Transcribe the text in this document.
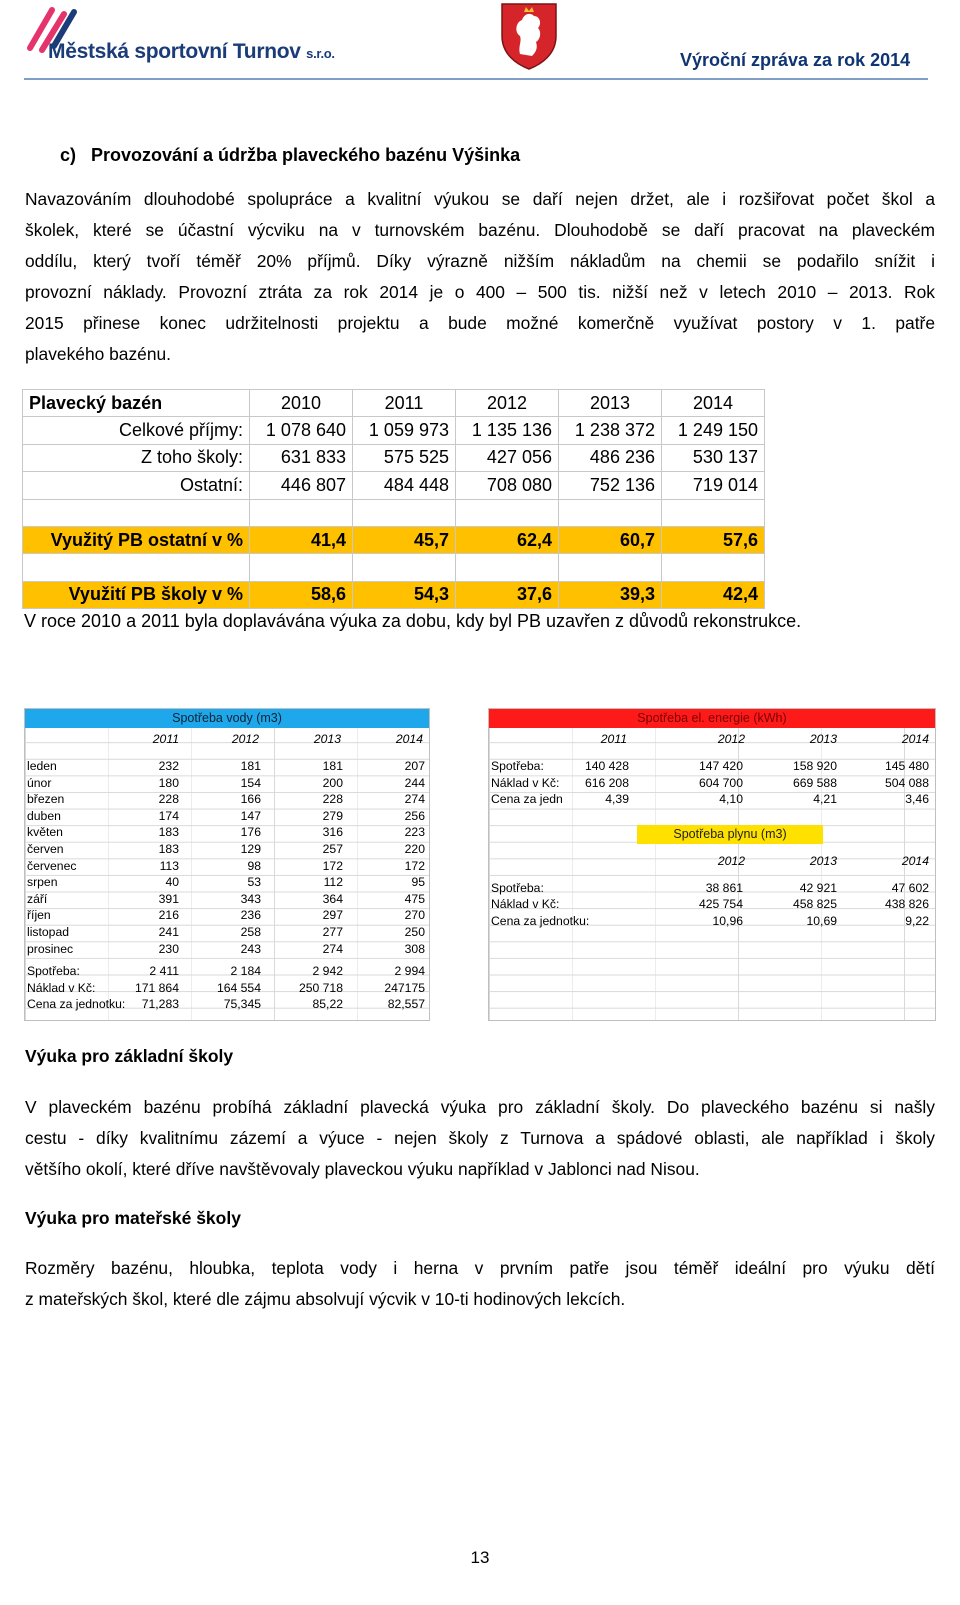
Městská sportovní Turnov s.r.o.	Výroční zpráva za rok 2014
c)   Provozování a údržba plaveckého bazénu Výšinka
Navazováním dlouhodobé spolupráce a kvalitní výukou se daří nejen držet, ale i rozšiřovat počet škol a
školek, které se účastní výcviku na v turnovském bazénu. Dlouhodobě se daří pracovat na plaveckém
oddílu, který tvoří téměř 20% příjmů. Díky výrazně nižším nákladům na chemii se podařilo snížit i
provozní náklady. Provozní ztráta za rok 2014 je o 400 – 500 tis. nižší než v letech 2010 – 2013. Rok
2015 přinese konec udržitelnosti projektu a bude možné komerčně využívat postory v 1. patře
plavekého bazénu.
Plavecký bazén	2010	2011	2012	2013	2014
Celkové příjmy:	1 078 640	1 059 973	1 135 136	1 238 372	1 249 150
Z toho školy:	631 833	575 525	427 056	486 236	530 137
Ostatní:	446 807	484 448	708 080	752 136	719 014

Využitý PB ostatní v %	41,4	45,7	62,4	60,7	57,6

Využití PB školy v %	58,6	54,3	37,6	39,3	42,4
V roce 2010 a 2011 byla doplavávána výuka za dobu, kdy byl PB uzavřen z důvodů rekonstrukce.
Spotřeba vody (m3)
2011	2012	2013	2014
leden	232	181	181	207
únor	180	154	200	244
březen	228	166	228	274
duben	174	147	279	256
květen	183	176	316	223
červen	183	129	257	220
červenec	113	98	172	172
srpen	40	53	112	95
září	391	343	364	475
říjen	216	236	297	270
listopad	241	258	277	250
prosinec	230	243	274	308
Spotřeba:	2 411	2 184	2 942	2 994
Náklad v Kč:	171 864	164 554	250 718	247175
Cena za jednotku:	71,283	75,345	85,22	82,557
Spotřeba el. energie (kWh)
2011	2012	2013	2014
Spotřeba:	140 428	147 420	158 920	145 480
Náklad v Kč:	616 208	604 700	669 588	504 088
Cena za jedn	4,39	4,10	4,21	3,46
Spotřeba plynu (m3)
2012	2013	2014
Spotřeba:	38 861	42 921	47 602
Náklad v Kč:	425 754	458 825	438 826
Cena za jednotku:	10,96	10,69	9,22
Výuka pro základní školy
V plaveckém bazénu probíhá základní plavecká výuka pro základní školy. Do plaveckého bazénu si našly
cestu - díky kvalitnímu zázemí a výuce - nejen školy z Turnova a spádové oblasti, ale například i školy
většího okolí, které dříve navštěvovaly plaveckou výuku například v Jablonci nad Nisou.
Výuka pro mateřské školy
Rozměry bazénu, hloubka, teplota vody i herna v prvním patře jsou téměř ideální pro výuku dětí
z mateřských škol, které dle zájmu absolvují výcvik v 10-ti hodinových lekcích.
13
